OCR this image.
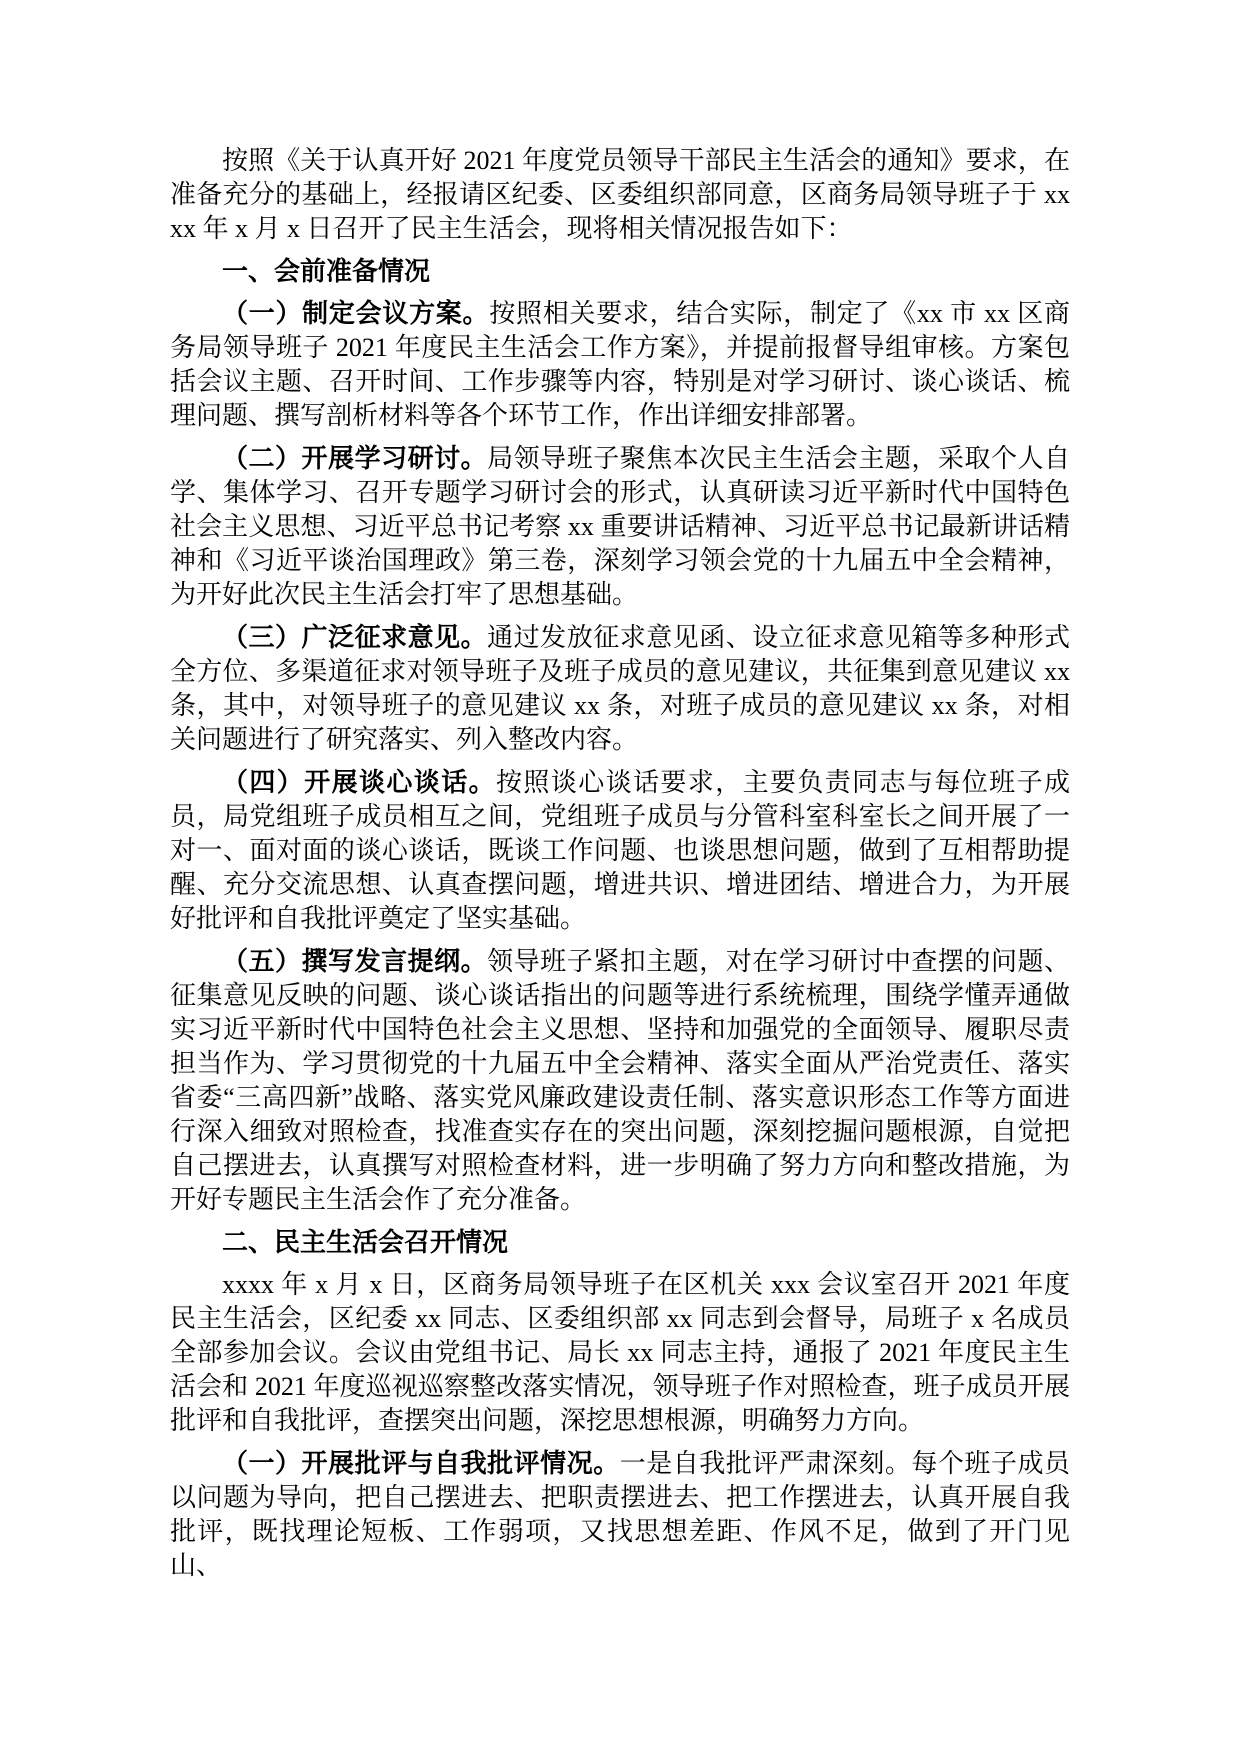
按照《关于认真开好 2021 年度党员领导干部民主生活会的通知》要求，在准备充分的基础上，经报请区纪委、区委组织部同意，区商务局领导班子于 xxxx 年 x 月 x 日召开了民主生活会，现将相关情况报告如下：

一、会前准备情况

（一）制定会议方案。按照相关要求，结合实际，制定了《xx 市 xx 区商务局领导班子 2021 年度民主生活会工作方案》，并提前报督导组审核。方案包括会议主题、召开时间、工作步骤等内容，特别是对学习研讨、谈心谈话、梳理问题、撰写剖析材料等各个环节工作，作出详细安排部署。

（二）开展学习研讨。局领导班子聚焦本次民主生活会主题，采取个人自学、集体学习、召开专题学习研讨会的形式，认真研读习近平新时代中国特色社会主义思想、习近平总书记考察 xx 重要讲话精神、习近平总书记最新讲话精神和《习近平谈治国理政》第三卷，深刻学习领会党的十九届五中全会精神，为开好此次民主生活会打牢了思想基础。

（三）广泛征求意见。通过发放征求意见函、设立征求意见箱等多种形式全方位、多渠道征求对领导班子及班子成员的意见建议，共征集到意见建议 xx 条，其中，对领导班子的意见建议 xx 条，对班子成员的意见建议 xx 条，对相关问题进行了研究落实、列入整改内容。

（四）开展谈心谈话。按照谈心谈话要求，主要负责同志与每位班子成员，局党组班子成员相互之间，党组班子成员与分管科室科室长之间开展了一对一、面对面的谈心谈话，既谈工作问题、也谈思想问题，做到了互相帮助提醒、充分交流思想、认真查摆问题，增进共识、增进团结、增进合力，为开展好批评和自我批评奠定了坚实基础。

（五）撰写发言提纲。领导班子紧扣主题，对在学习研讨中查摆的问题、征集意见反映的问题、谈心谈话指出的问题等进行系统梳理，围绕学懂弄通做实习近平新时代中国特色社会主义思想、坚持和加强党的全面领导、履职尽责担当作为、学习贯彻党的十九届五中全会精神、落实全面从严治党责任、落实省委“三高四新”战略、落实党风廉政建设责任制、落实意识形态工作等方面进行深入细致对照检查，找准查实存在的突出问题，深刻挖掘问题根源，自觉把自己摆进去，认真撰写对照检查材料，进一步明确了努力方向和整改措施，为开好专题民主生活会作了充分准备。

二、民主生活会召开情况

xxxx 年 x 月 x 日，区商务局领导班子在区机关 xxx 会议室召开 2021 年度民主生活会，区纪委 xx 同志、区委组织部 xx 同志到会督导，局班子 x 名成员全部参加会议。会议由党组书记、局长 xx 同志主持，通报了 2021 年度民主生活会和 2021 年度巡视巡察整改落实情况，领导班子作对照检查，班子成员开展批评和自我批评，查摆突出问题，深挖思想根源，明确努力方向。

（一）开展批评与自我批评情况。一是自我批评严肃深刻。每个班子成员以问题为导向，把自己摆进去、把职责摆进去、把工作摆进去，认真开展自我批评，既找理论短板、工作弱项，又找思想差距、作风不足，做到了开门见山、
